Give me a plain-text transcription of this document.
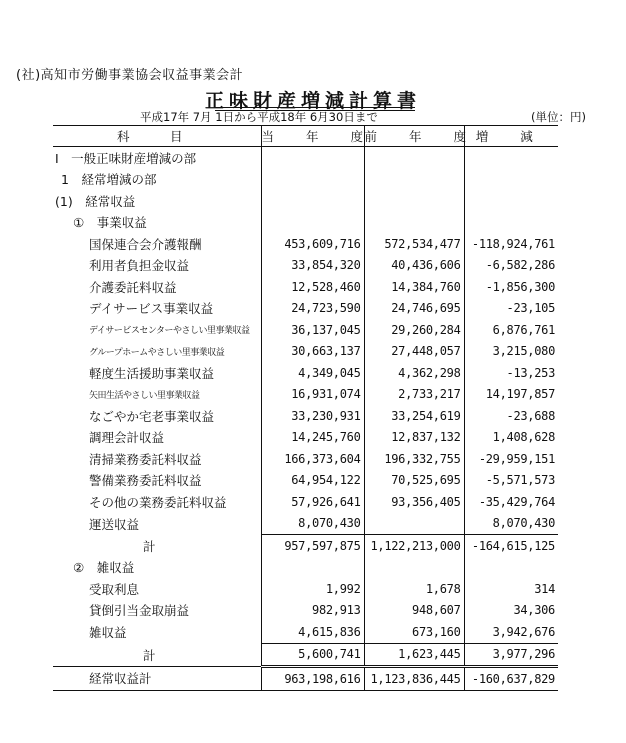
(社)高知市労働事業協会収益事業会計
正味財産増減計算書
平成17年 7月 1日から平成18年 6月30日まで	(単位：円)
科　目	当 年 度	前 年 度	増 減
Ⅰ　一般正味財産増減の部			
1　経常増減の部			
(1)　経常収益			
①　事業収益			
国保連合会介護報酬	453,609,716	572,534,477	-118,924,761
利用者負担金収益	33,854,320	40,436,606	-6,582,286
介護委託料収益	12,528,460	14,384,760	-1,856,300
デイサービス事業収益	24,723,590	24,746,695	-23,105
デイサービスセンターやさしい里事業収益	36,137,045	29,260,284	6,876,761
グループホームやさしい里事業収益	30,663,137	27,448,057	3,215,080
軽度生活援助事業収益	4,349,045	4,362,298	-13,253
矢田生活やさしい里事業収益	16,931,074	2,733,217	14,197,857
なごやか宅老事業収益	33,230,931	33,254,619	-23,688
調理会計収益	14,245,760	12,837,132	1,408,628
清掃業務委託料収益	166,373,604	196,332,755	-29,959,151
警備業務委託料収益	64,954,122	70,525,695	-5,571,573
その他の業務委託料収益	57,926,641	93,356,405	-35,429,764
運送収益	8,070,430		8,070,430
計	957,597,875	1,122,213,000	-164,615,125
②　雑収益			
受取利息	1,992	1,678	314
貸倒引当金取崩益	982,913	948,607	34,306
雑収益	4,615,836	673,160	3,942,676
計	5,600,741	1,623,445	3,977,296
経常収益計	963,198,616	1,123,836,445	-160,637,829
